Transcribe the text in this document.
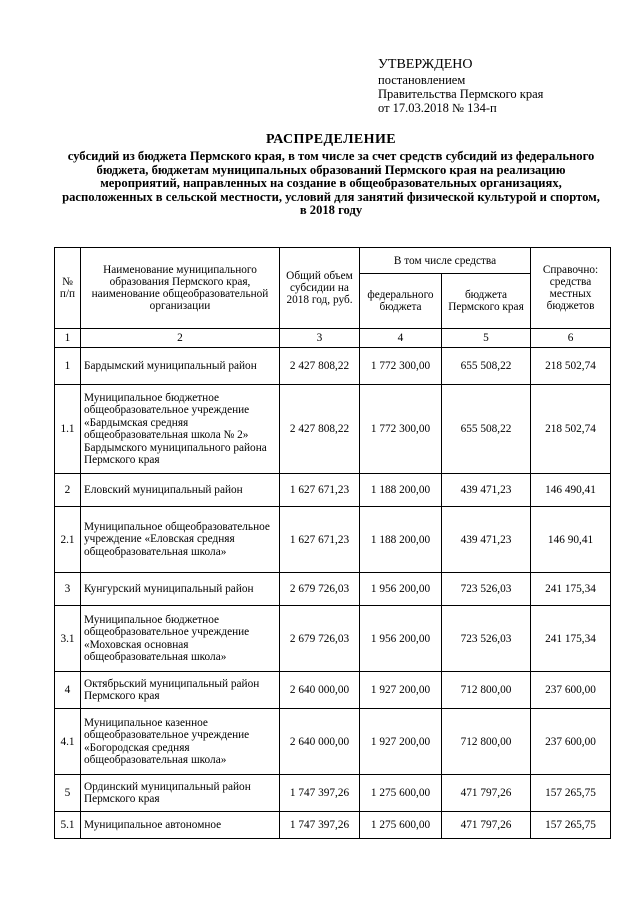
УТВЕРЖДЕНО
постановлением
Правительства Пермского края
от 17.03.2018 № 134-п
РАСПРЕДЕЛЕНИЕ
субсидий из бюджета Пермского края, в том числе за счет средств субсидий из федерального бюджета, бюджетам муниципальных образований Пермского края на реализацию мероприятий, направленных на создание в общеобразовательных организациях, расположенных в сельской местности, условий для занятий физической культурой и спортом, в 2018 году
№ п/п	Наименование муниципального образования Пермского края, наименование общеобразовательной организации	Общий объем субсидии на 2018 год, руб.	В том числе средства		Справочно: средства местных бюджетов
			федерального бюджета	бюджета Пермского края	
1	2	3	4	5	6
1	Бардымский муниципальный район	2 427 808,22	1 772 300,00	655 508,22	218 502,74
1.1	Муниципальное бюджетное общеобразовательное учреждение «Бардымская средняя общеобразовательная школа № 2» Бардымского муниципального района Пермского края	2 427 808,22	1 772 300,00	655 508,22	218 502,74
2	Еловский муниципальный район	1 627 671,23	1 188 200,00	439 471,23	146 490,41
2.1	Муниципальное общеобразовательное учреждение «Еловская средняя общеобразовательная школа»	1 627 671,23	1 188 200,00	439 471,23	146 90,41
3	Кунгурский муниципальный район	2 679 726,03	1 956 200,00	723 526,03	241 175,34
3.1	Муниципальное бюджетное общеобразовательное учреждение «Моховская основная общеобразовательная школа»	2 679 726,03	1 956 200,00	723 526,03	241 175,34
4	Октябрьский муниципальный район Пермского края	2 640 000,00	1 927 200,00	712 800,00	237 600,00
4.1	Муниципальное казенное общеобразовательное учреждение «Богородская средняя общеобразовательная школа»	2 640 000,00	1 927 200,00	712 800,00	237 600,00
5	Ординский муниципальный район Пермского края	1 747 397,26	1 275 600,00	471 797,26	157 265,75
5.1	Муниципальное автономное	1 747 397,26	1 275 600,00	471 797,26	157 265,75
